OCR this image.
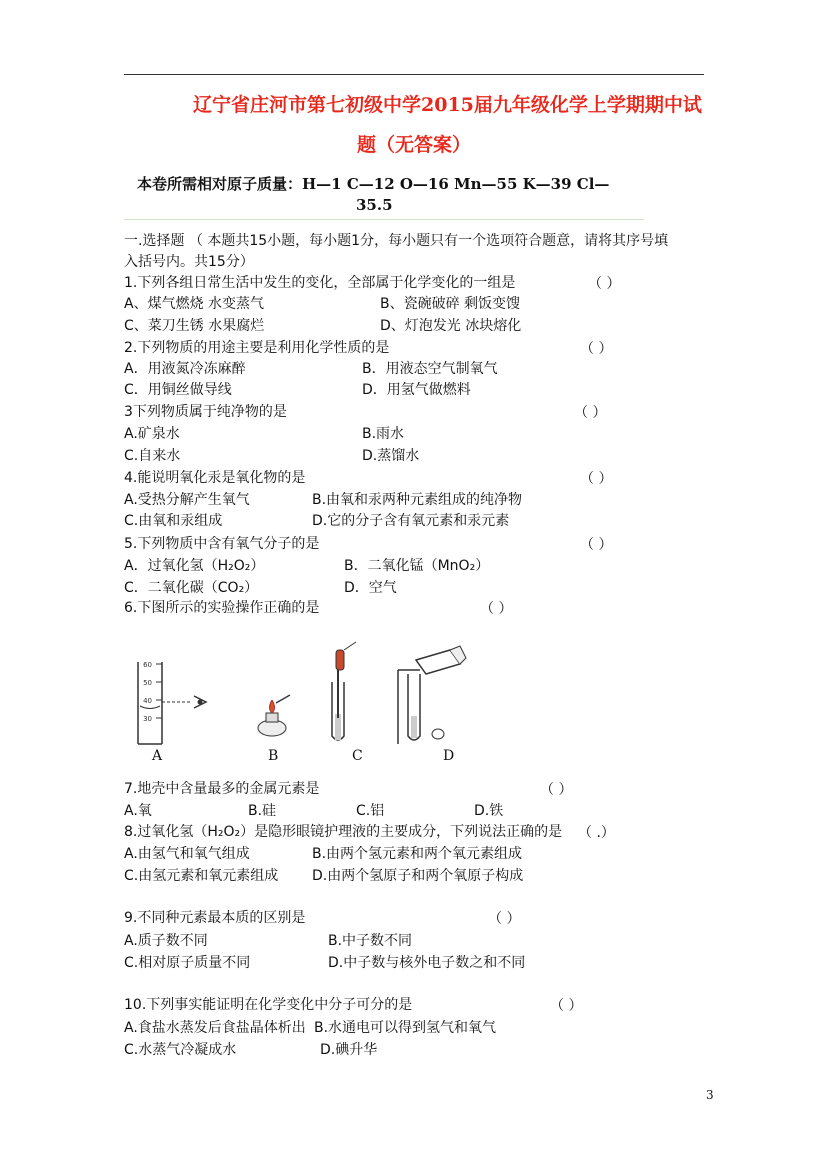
辽宁省庄河市第七初级中学2015届九年级化学上学期期中试
题（无答案）
本卷所需相对原子质量：H—1 C—12 O—16 Mn—55 K—39 Cl—
35.5
一.选择题 （ 本题共15小题，每小题1分，每小题只有一个选项符合题意，请将其序号填
入括号内。共15分）
1.下列各组日常生活中发生的变化，全部属于化学变化的一组是	（ ）
A、煤气燃烧 水变蒸气	B、瓷碗破碎 剩饭变馊
C、菜刀生锈 水果腐烂	D、灯泡发光 冰块熔化
2.下列物质的用途主要是利用化学性质的是	（ ）
A．用液氮冷冻麻醉	B．用液态空气制氧气
C．用铜丝做导线	D．用氢气做燃料
3下列物质属于纯净物的是	（ ）
A.矿泉水	B.雨水
C.自来水	D.蒸馏水
4.能说明氧化汞是氧化物的是	（ ）
A.受热分解产生氧气	B.由氧和汞两种元素组成的纯净物
C.由氧和汞组成	D.它的分子含有氧元素和汞元素
5.下列物质中含有氧气分子的是	（ ）
A．过氧化氢（H₂O₂）	B．二氧化锰（MnO₂）
C．二氧化碳（CO₂）	D．空气
6.下图所示的实验操作正确的是	（ ）
60
50
40
30
A	B	C	D
7.地壳中含量最多的金属元素是	（ ）
A.氧	B.硅	C.铝	D.铁
8.过氧化氢（H₂O₂）是隐形眼镜护理液的主要成分，下列说法正确的是 （ .）
A.由氢气和氧气组成	B.由两个氢元素和两个氧元素组成
C.由氢元素和氧元素组成 D.由两个氢原子和两个氧原子构成
9.不同种元素最本质的区别是	（ ）
A.质子数不同	B.中子数不同
C.相对原子质量不同	D.中子数与核外电子数之和不同
10.下列事实能证明在化学变化中分子可分的是	（ ）
A.食盐水蒸发后食盐晶体析出 B.水通电可以得到氢气和氧气
C.水蒸气冷凝成水	D.碘升华
3
